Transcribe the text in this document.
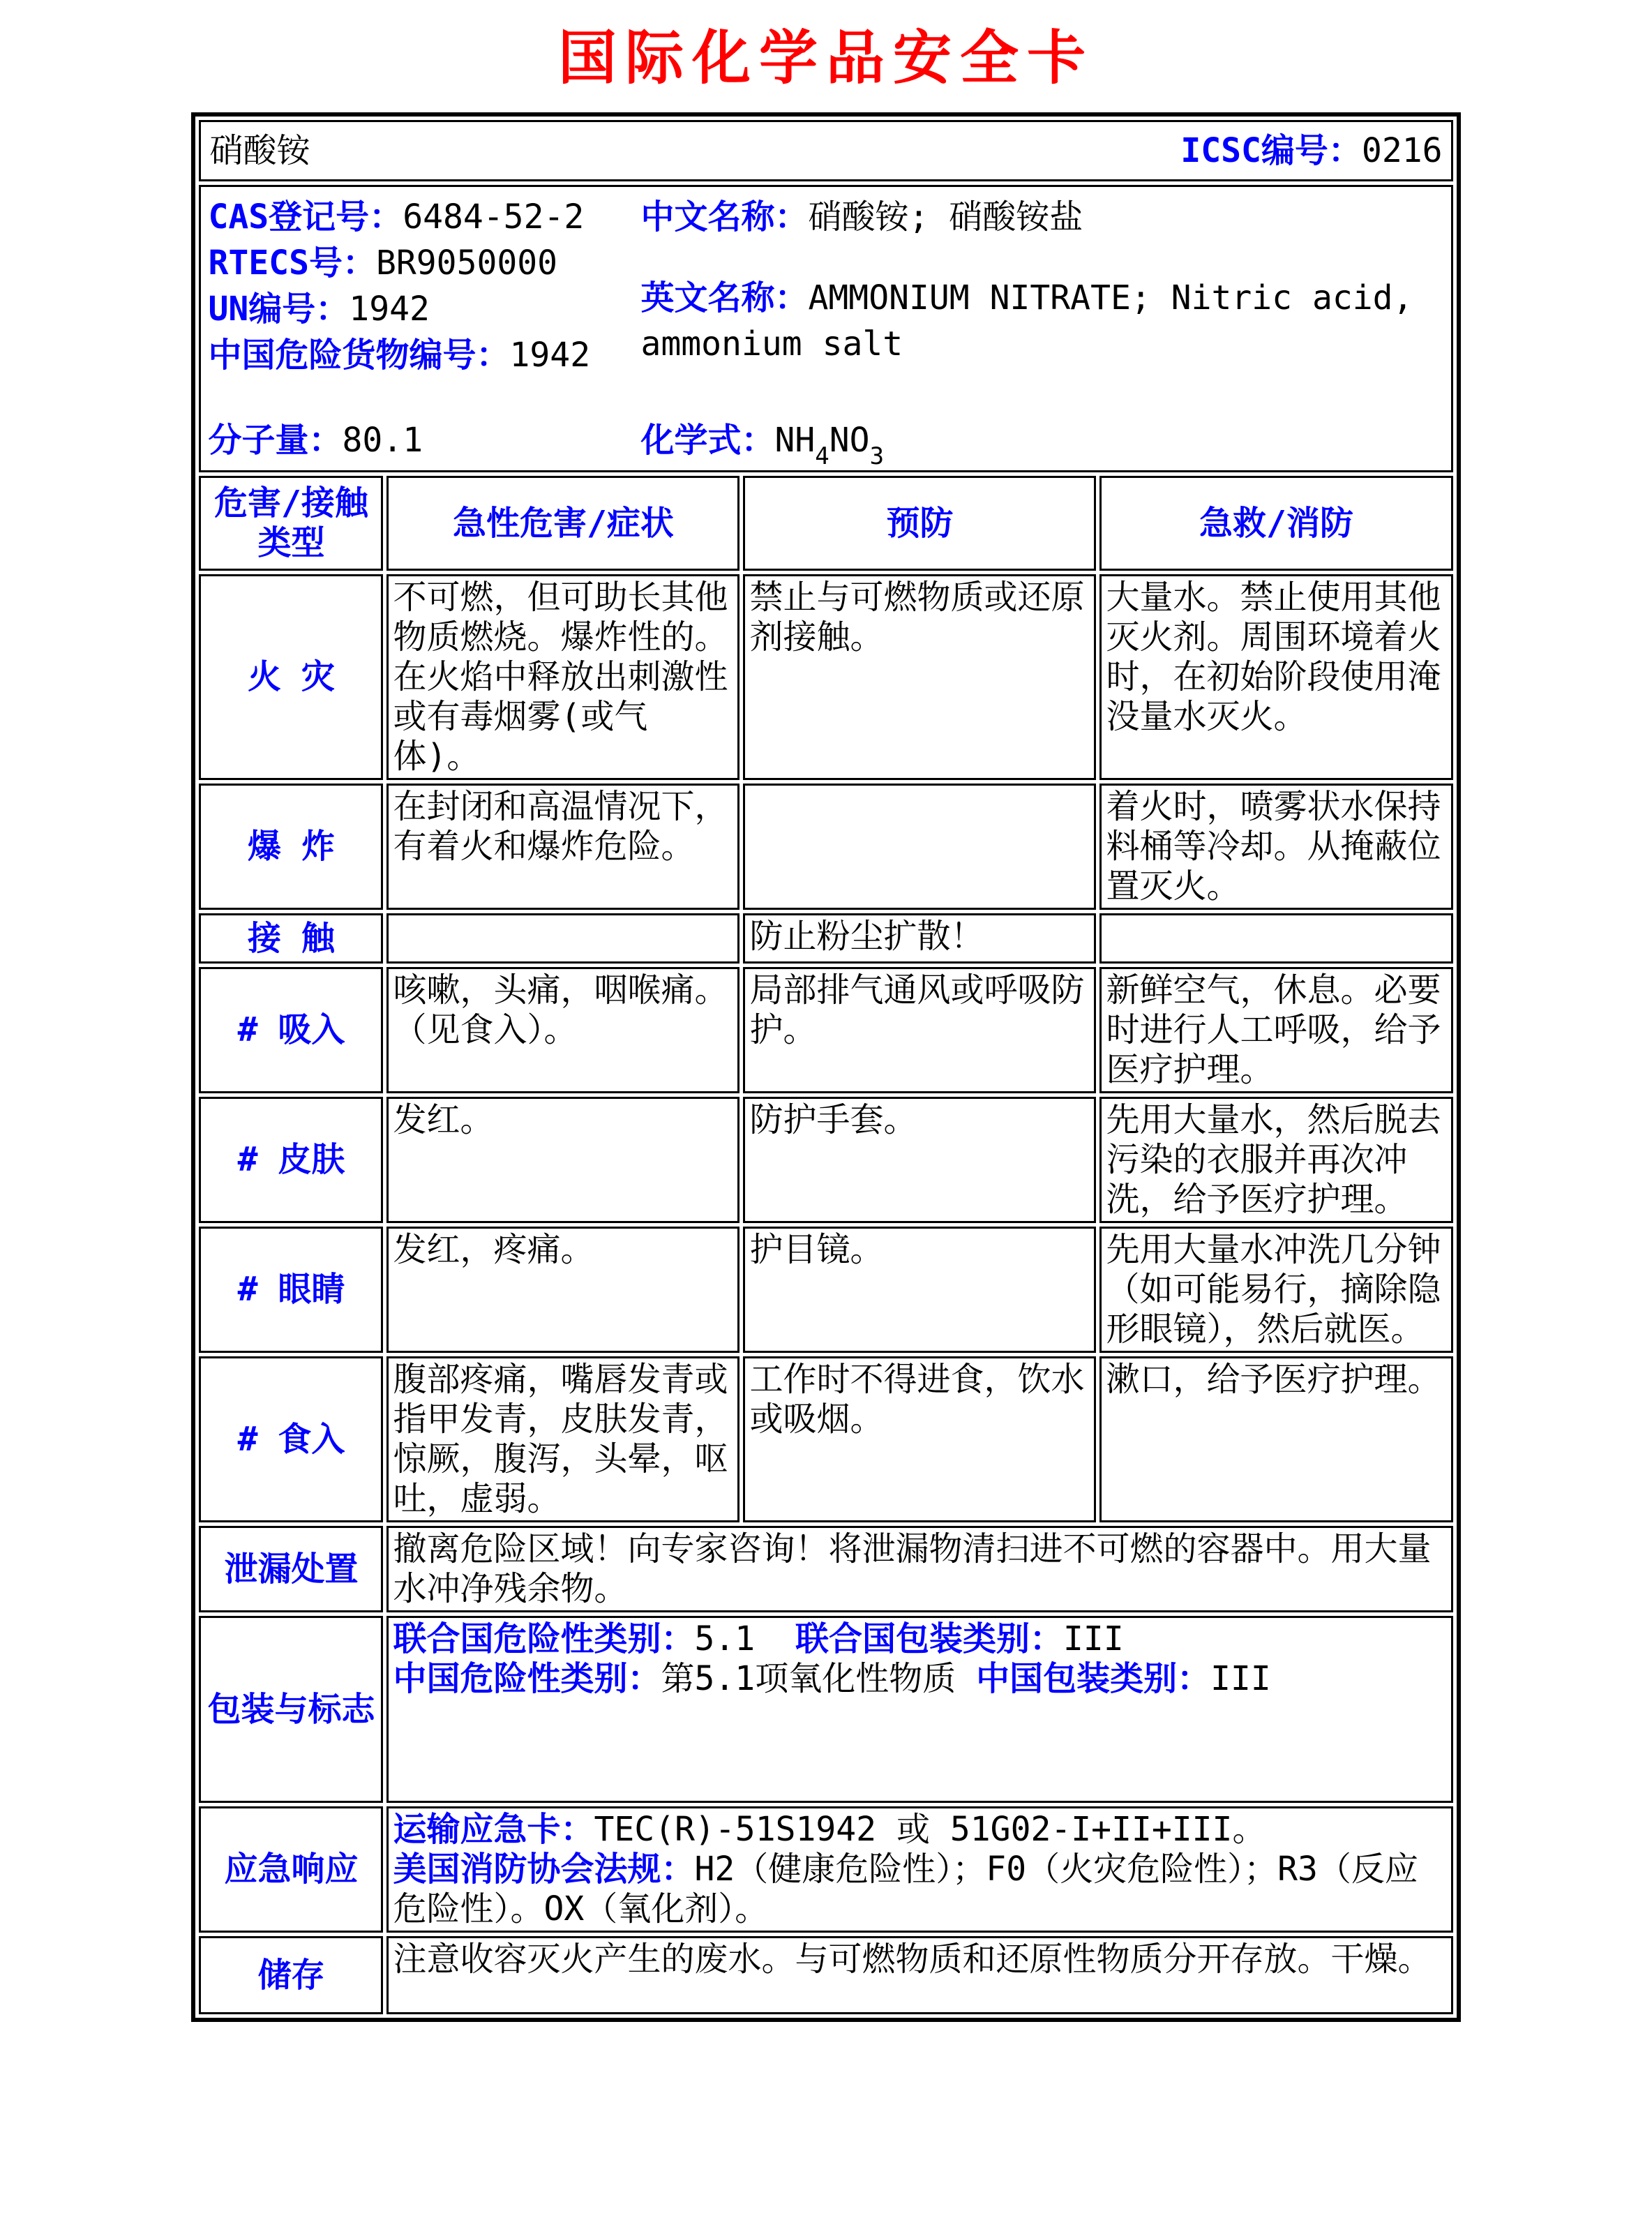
国际化学品安全卡
硝酸铵 ICSC编号：0216			

CAS登记号：6484-52-2

RTECS号：BR9050000

UN编号：1942

中国危险货物编号：1942

中文名称：硝酸铵; 硝酸铵盐

英文名称：AMMONIUM NITRATE; Nitric acid, ammonium salt

分子量：80.1	化学式：$NH_4NO_3$

危害/接触类型	急性危害/症状	预防	急救/消防
火 灾	不可燃，但可助长其他物质燃烧。爆炸性的。在火焰中释放出刺激性或有毒烟雾(或气体)。	禁止与可燃物质或还原剂接触。	大量水。禁止使用其他灭火剂。周围环境着火时，在初始阶段使用淹没量水灭火。
爆 炸	在封闭和高温情况下，有着火和爆炸危险。		着火时，喷雾状水保持料桶等冷却。从掩蔽位置灭火。
接 触		防止粉尘扩散！	
# 吸入	咳嗽，头痛，咽喉痛。（见食入）。	局部排气通风或呼吸防护。	新鲜空气，休息。必要时进行人工呼吸，给予医疗护理。
# 皮肤	发红。	防护手套。	先用大量水，然后脱去污染的衣服并再次冲洗，给予医疗护理。
# 眼睛	发红，疼痛。	护目镜。	先用大量水冲洗几分钟（如可能易行，摘除隐形眼镜），然后就医。
# 食入	腹部疼痛，嘴唇发青或指甲发青，皮肤发青，惊厥，腹泻，头晕，呕吐，虚弱。	工作时不得进食，饮水或吸烟。	漱口，给予医疗护理。
泄漏处置	撤离危险区域！向专家咨询！将泄漏物清扫进不可燃的容器中。用大量水冲净残余物。		
包装与标志	联合国危险性类别：5.1  联合国包装类别：III
中国危险性类别：第5.1项氧化性物质 中国包装类别：III		

应急响应	运输应急卡：TEC(R)-51S1942 或 51G02-I+II+III。
美国消防协会法规：H2（健康危险性）；F0（火灾危险性）；R3（反应危险性）。OX（氧化剂）。		

储存	注意收容灭火产生的废水。与可燃物质和还原性物质分开存放。干燥。		
